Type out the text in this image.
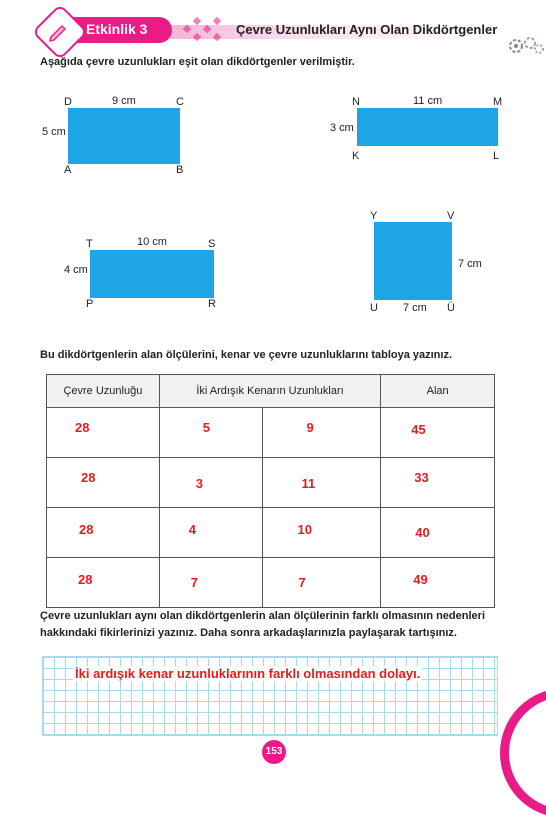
Etkinlik 3	Çevre Uzunlukları Aynı Olan Dikdörtgenler
Aşağıda çevre uzunlukları eşit olan dikdörtgenler verilmiştir.
D	C
A	B
9 cm
5 cm
N	M
K	L
11 cm
3 cm
T	S
P	R
10 cm
4 cm
Y	V
U	Ü
7 cm
7 cm
Bu dikdörtgenlerin alan ölçülerini, kenar ve çevre uzunluklarını tabloya yazınız.
Çevre Uzunluğu	İki Ardışık Kenarın Uzunlukları		Alan

28	5	9	45

28	3	11	33

28	4	10	40

28	7	7	49
Çevre uzunlukları aynı olan dikdörtgenlerin alan ölçülerinin farklı olmasının nedenleri hakkındaki fikirlerinizi yazınız. Daha sonra arkadaşlarınızla paylaşarak tartışınız.
İki ardışık kenar uzunluklarının farklı olmasından dolayı.
153
